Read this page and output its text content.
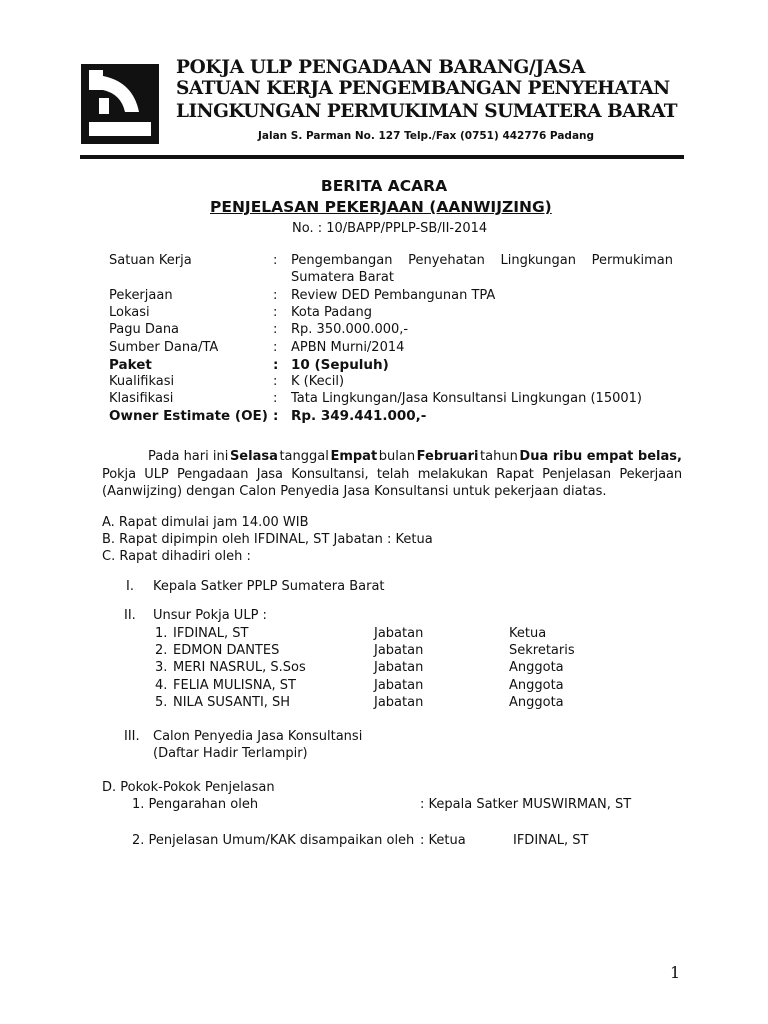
POKJA ULP PENGADAAN BARANG/JASA
SATUAN KERJA PENGEMBANGAN PENYEHATAN
LINGKUNGAN PERMUKIMAN SUMATERA BARAT
Jalan S. Parman No. 127 Telp./Fax (0751) 442776 Padang
BERITA ACARA
PENJELASAN PEKERJAAN (AANWIJZING)
No. : 10/BAPP/PPLP-SB/II-2014
Satuan Kerja	: Pengembangan Penyehatan Lingkungan Permukiman
Sumatera Barat
Pekerjaan	: Review DED Pembangunan TPA
Lokasi	: Kota Padang
Pagu Dana	: Rp. 350.000.000,-
Sumber Dana/TA	: APBN Murni/2014
Paket	: 10 (Sepuluh)
Kualifikasi	: K (Kecil)
Klasifikasi	: Tata Lingkungan/Jasa Konsultansi Lingkungan (15001)
Owner Estimate (OE) : Rp. 349.441.000,-
Pada hari ini Selasa tanggal Empat bulan Februari tahun Dua ribu empat belas,
Pokja ULP Pengadaan Jasa Konsultansi, telah melakukan Rapat Penjelasan Pekerjaan
(Aanwijzing) dengan Calon Penyedia Jasa Konsultansi untuk pekerjaan diatas.
A. Rapat dimulai jam 14.00 WIB
B. Rapat dipimpin oleh IFDINAL, ST Jabatan : Ketua
C. Rapat dihadiri oleh :
I. Kepala Satker PPLP Sumatera Barat
II. Unsur Pokja ULP :
1. IFDINAL, ST	Jabatan	Ketua
2. EDMON DANTES	Jabatan	Sekretaris
3. MERI NASRUL, S.Sos	Jabatan	Anggota
4. FELIA MULISNA, ST	Jabatan	Anggota
5. NILA SUSANTI, SH	Jabatan	Anggota
III. Calon Penyedia Jasa Konsultansi
(Daftar Hadir Terlampir)
D. Pokok-Pokok Penjelasan
1. Pengarahan oleh	: Kepala Satker MUSWIRMAN, ST
2. Penjelasan Umum/KAK disampaikan oleh : Ketua	IFDINAL, ST
1
